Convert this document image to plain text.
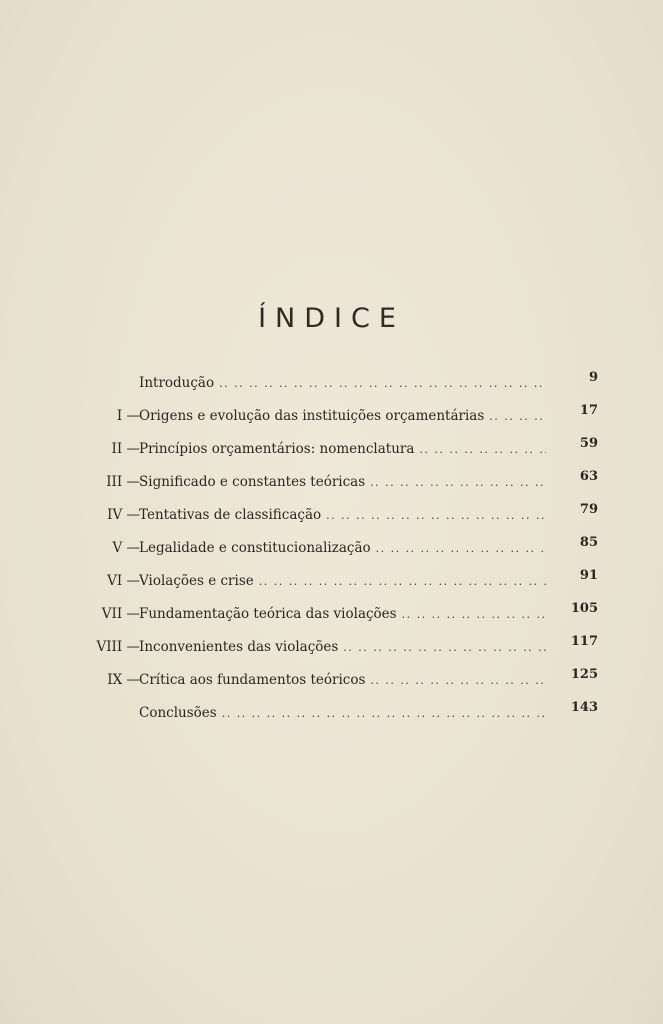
ÍNDICE
Introdução .. ..	9
I — Origens e evolução das instituições orçamentárias .. ..	17
II — Princípios orçamentários: nomenclatura .. ..	59
III — Significado e constantes teóricas .. ..	63
IV — Tentativas de classificação .. ..	79
V — Legalidade e constitucionalização .. ..	85
VI — Violações e crise .. ..	91
VII — Fundamentação teórica das violações .. ..	105
VIII — Inconvenientes das violações .. ..	117
IX — Crítica aos fundamentos teóricos .. ..	125
Conclusões .. ..	143
